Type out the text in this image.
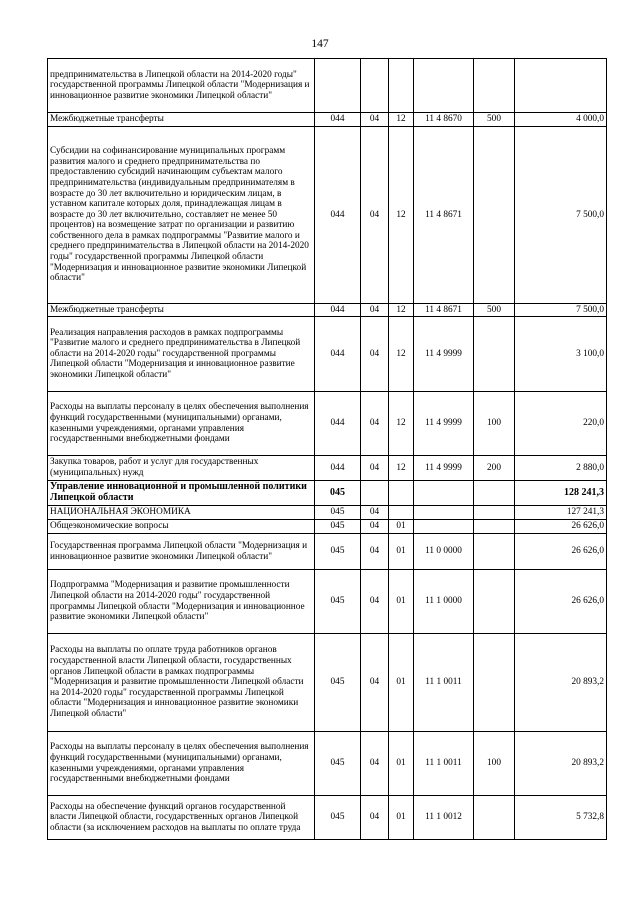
147
предпринимательства в Липецкой области на 2014-2020 годы" государственной программы Липецкой области "Модернизация и инновационное развитие экономики Липецкой области"						
Межбюджетные трансферты	044	04	12	11 4 8670	500	4 000,0
Субсидии на софинансирование муниципальных программ развития малого и среднего предпринимательства по предоставлению субсидий начинающим субъектам малого предпринимательства (индивидуальным предпринимателям в возрасте до 30 лет включительно и юридическим лицам, в уставном капитале которых доля, принадлежащая лицам в возрасте до 30 лет включительно, составляет не менее 50 процентов) на возмещение затрат по организации и развитию собственного дела в рамках подпрограммы "Развитие малого и среднего предпринимательства в Липецкой области на 2014-2020 годы" государственной программы Липецкой области "Модернизация и инновационное развитие экономики Липецкой области"	044	04	12	11 4 8671		7 500,0
Межбюджетные трансферты	044	04	12	11 4 8671	500	7 500,0
Реализация направления расходов в рамках подпрограммы "Развитие малого и среднего предпринимательства в Липецкой области на 2014-2020 годы" государственной программы Липецкой области "Модернизация и инновационное развитие экономики Липецкой области"	044	04	12	11 4 9999		3 100,0
Расходы на выплаты персоналу в целях обеспечения выполнения функций государственными (муниципальными) органами, казенными учреждениями, органами управления государственными внебюджетными фондами	044	04	12	11 4 9999	100	220,0
Закупка товаров, работ и услуг для государственных (муниципальных) нужд	044	04	12	11 4 9999	200	2 880,0
Управление инновационной и промышленной политики Липецкой области	045					128 241,3
НАЦИОНАЛЬНАЯ ЭКОНОМИКА	045	04				127 241,3
Общеэкономические вопросы	045	04	01			26 626,0
Государственная программа Липецкой области "Модернизация и инновационное развитие экономики Липецкой области"	045	04	01	11 0 0000		26 626,0
Подпрограмма "Модернизация и развитие промышленности Липецкой области на 2014-2020 годы" государственной программы Липецкой области "Модернизация и инновационное развитие экономики Липецкой области"	045	04	01	11 1 0000		26 626,0
Расходы на выплаты по оплате труда работников органов государственной власти Липецкой области, государственных органов Липецкой области в рамках подпрограммы "Модернизация и развитие промышленности Липецкой области на 2014-2020 годы" государственной программы Липецкой области "Модернизация и инновационное развитие экономики Липецкой области"	045	04	01	11 1 0011		20 893,2
Расходы на выплаты персоналу в целях обеспечения выполнения функций государственными (муниципальными) органами, казенными учреждениями, органами управления государственными внебюджетными фондами	045	04	01	11 1 0011	100	20 893,2
Расходы на обеспечение функций органов государственной власти Липецкой области, государственных органов Липецкой области (за исключением расходов на выплаты по оплате труда	045	04	01	11 1 0012		5 732,8
